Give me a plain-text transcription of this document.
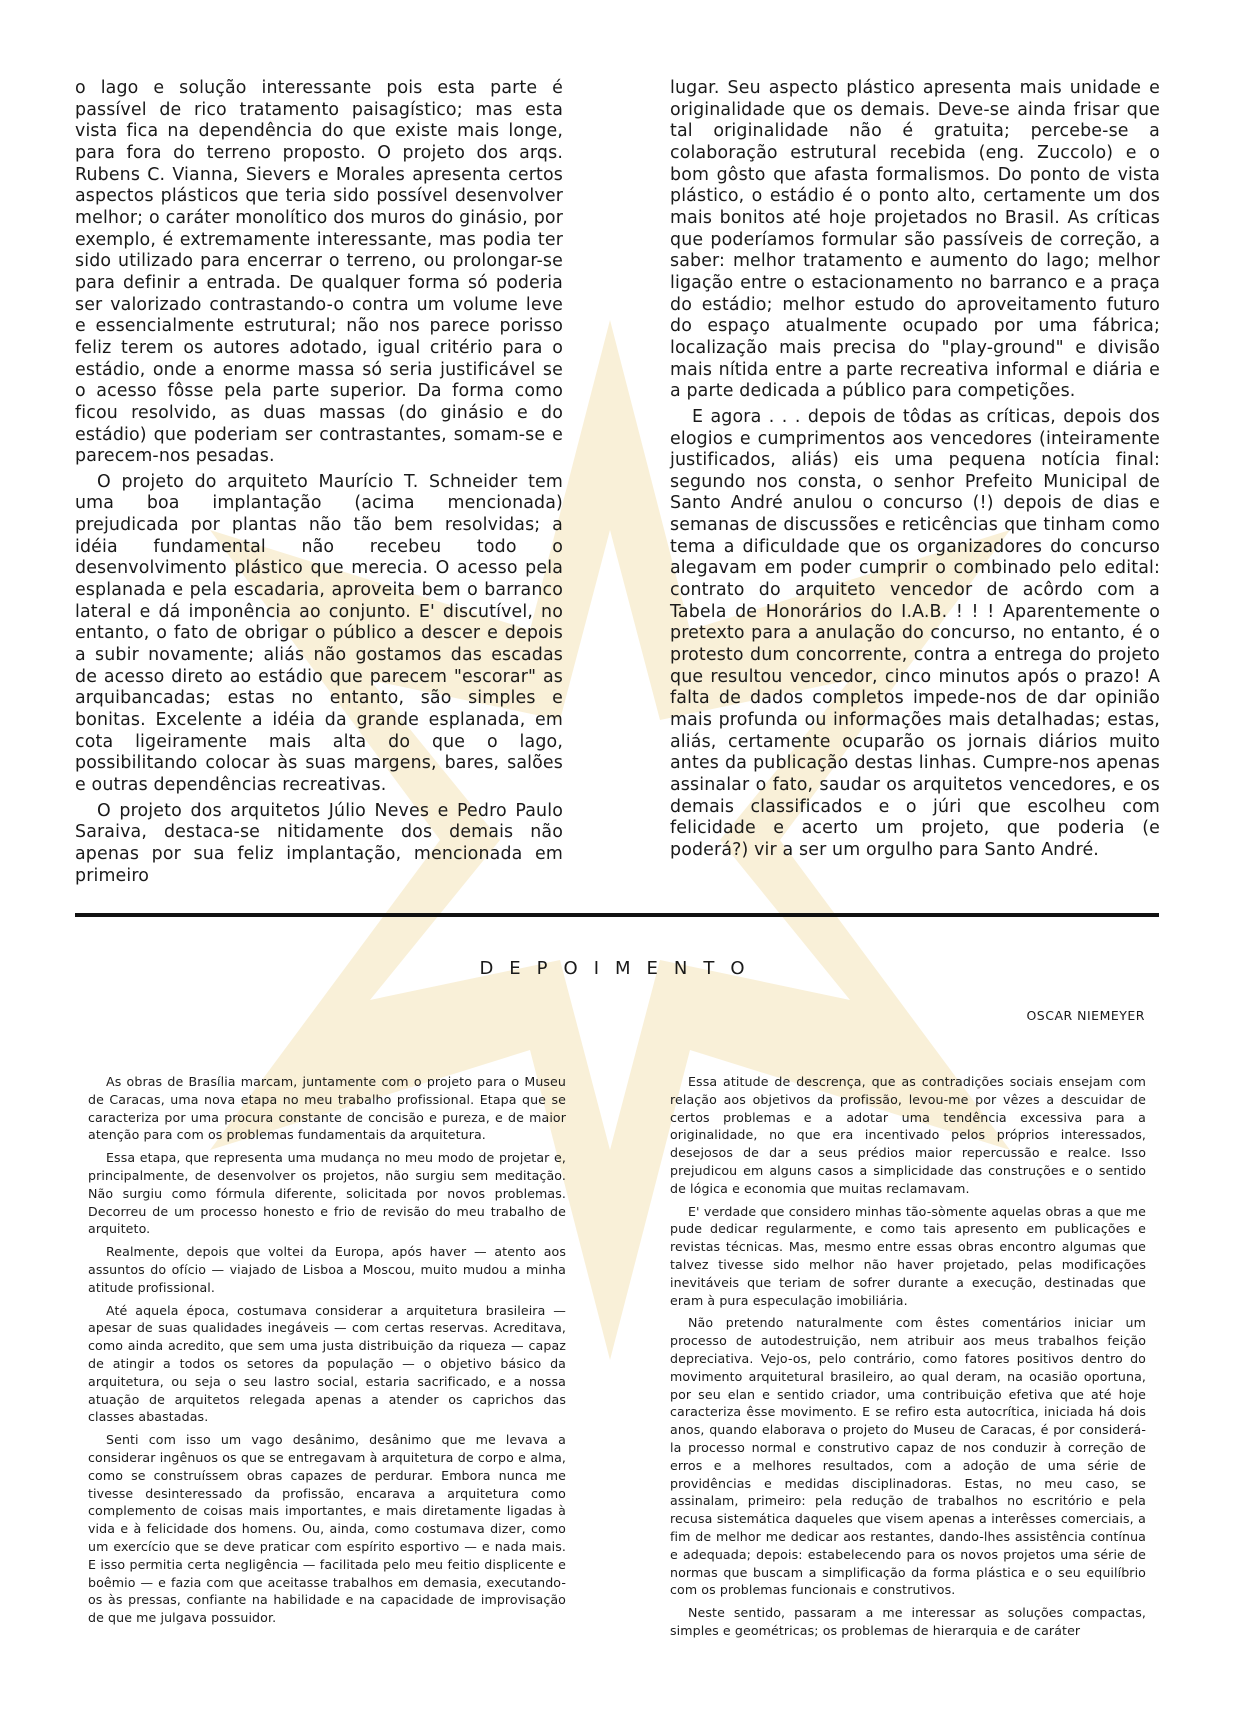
o lago e solução interessante pois esta parte é passível de rico tratamento paisagístico; mas esta vista fica na dependência do que existe mais longe, para fora do terreno proposto. O projeto dos arqs. Rubens C. Vianna, Sievers e Morales apresenta certos aspectos plásticos que teria sido possível desenvolver melhor; o caráter monolítico dos muros do ginásio, por exemplo, é extremamente interessante, mas podia ter sido utilizado para encerrar o terreno, ou prolongar-se para definir a entrada. De qualquer forma só poderia ser valorizado contrastando-o contra um volume leve e essencialmente estrutural; não nos parece porisso feliz terem os autores adotado, igual critério para o estádio, onde a enorme massa só seria justificável se o acesso fôsse pela parte superior. Da forma como ficou resolvido, as duas massas (do ginásio e do estádio) que poderiam ser contrastantes, somam-se e parecem-nos pesadas.

O projeto do arquiteto Maurício T. Schneider tem uma boa implantação (acima mencionada) prejudicada por plantas não tão bem resolvidas; a idéia fundamental não recebeu todo o desenvolvimento plástico que merecia. O acesso pela esplanada e pela escadaria, aproveita bem o barranco lateral e dá imponência ao conjunto. E' discutível, no entanto, o fato de obrigar o público a descer e depois a subir novamente; aliás não gostamos das escadas de acesso direto ao estádio que parecem "escorar" as arquibancadas; estas no entanto, são simples e bonitas. Excelente a idéia da grande esplanada, em cota ligeiramente mais alta do que o lago, possibilitando colocar às suas margens, bares, salões e outras dependências recreativas.

O projeto dos arquitetos Júlio Neves e Pedro Paulo Saraiva, destaca-se nitidamente dos demais não apenas por sua feliz implantação, mencionada em primeiro

lugar. Seu aspecto plástico apresenta mais unidade e originalidade que os demais. Deve-se ainda frisar que tal originalidade não é gratuita; percebe-se a colaboração estrutural recebida (eng. Zuccolo) e o bom gôsto que afasta formalismos. Do ponto de vista plástico, o estádio é o ponto alto, certamente um dos mais bonitos até hoje projetados no Brasil. As críticas que poderíamos formular são passíveis de correção, a saber: melhor tratamento e aumento do lago; melhor ligação entre o estacionamento no barranco e a praça do estádio; melhor estudo do aproveitamento futuro do espaço atualmente ocupado por uma fábrica; localização mais precisa do "play-ground" e divisão mais nítida entre a parte recreativa informal e diária e a parte dedicada a público para competições.

E agora . . . depois de tôdas as críticas, depois dos elogios e cumprimentos aos vencedores (inteiramente justificados, aliás) eis uma pequena notícia final: segundo nos consta, o senhor Prefeito Municipal de Santo André anulou o concurso (!) depois de dias e semanas de discussões e reticências que tinham como tema a dificuldade que os organizadores do concurso alegavam em poder cumprir o combinado pelo edital: contrato do arquiteto vencedor de acôrdo com a Tabela de Honorários do I.A.B. ! ! ! Aparentemente o pretexto para a anulação do concurso, no entanto, é o protesto dum concorrente, contra a entrega do projeto que resultou vencedor, cinco minutos após o prazo! A falta de dados completos impede-nos de dar opinião mais profunda ou informações mais detalhadas; estas, aliás, certamente ocuparão os jornais diários muito antes da publicação destas linhas. Cumpre-nos apenas assinalar o fato, saudar os arquitetos vencedores, e os demais classificados e o júri que escolheu com felicidade e acerto um projeto, que poderia (e poderá?) vir a ser um orgulho para Santo André.

DEPOIMENTO
OSCAR NIEMEYER

As obras de Brasília marcam, juntamente com o projeto para o Museu de Caracas, uma nova etapa no meu trabalho profissional. Etapa que se caracteriza por uma procura constante de concisão e pureza, e de maior atenção para com os problemas fundamentais da arquitetura.

Essa etapa, que representa uma mudança no meu modo de projetar e, principalmente, de desenvolver os projetos, não surgiu sem meditação. Não surgiu como fórmula diferente, solicitada por novos problemas. Decorreu de um processo honesto e frio de revisão do meu trabalho de arquiteto.

Realmente, depois que voltei da Europa, após haver — atento aos assuntos do ofício — viajado de Lisboa a Moscou, muito mudou a minha atitude profissional.

Até aquela época, costumava considerar a arquitetura brasileira — apesar de suas qualidades inegáveis — com certas reservas. Acreditava, como ainda acredito, que sem uma justa distribuição da riqueza — capaz de atingir a todos os setores da população — o objetivo básico da arquitetura, ou seja o seu lastro social, estaria sacrificado, e a nossa atuação de arquitetos relegada apenas a atender os caprichos das classes abastadas.

Senti com isso um vago desânimo, desânimo que me levava a considerar ingênuos os que se entregavam à arquitetura de corpo e alma, como se construíssem obras capazes de perdurar. Embora nunca me tivesse desinteressado da profissão, encarava a arquitetura como complemento de coisas mais importantes, e mais diretamente ligadas à vida e à felicidade dos homens. Ou, ainda, como costumava dizer, como um exercício que se deve praticar com espírito esportivo — e nada mais. E isso permitia certa negligência — facilitada pelo meu feitio displicente e boêmio — e fazia com que aceitasse trabalhos em demasia, executando-os às pressas, confiante na habilidade e na capacidade de improvisação de que me julgava possuidor.

Essa atitude de descrença, que as contradições sociais ensejam com relação aos objetivos da profissão, levou-me por vêzes a descuidar de certos problemas e a adotar uma tendência excessiva para a originalidade, no que era incentivado pelos próprios interessados, desejosos de dar a seus prédios maior repercussão e realce. Isso prejudicou em alguns casos a simplicidade das construções e o sentido de lógica e economia que muitas reclamavam.

E' verdade que considero minhas tão-sòmente aquelas obras a que me pude dedicar regularmente, e como tais apresento em publicações e revistas técnicas. Mas, mesmo entre essas obras encontro algumas que talvez tivesse sido melhor não haver projetado, pelas modificações inevitáveis que teriam de sofrer durante a execução, destinadas que eram à pura especulação imobiliária.

Não pretendo naturalmente com êstes comentários iniciar um processo de autodestruição, nem atribuir aos meus trabalhos feição depreciativa. Vejo-os, pelo contrário, como fatores positivos dentro do movimento arquitetural brasileiro, ao qual deram, na ocasião oportuna, por seu elan e sentido criador, uma contribuição efetiva que até hoje caracteriza êsse movimento. E se refiro esta autocrítica, iniciada há dois anos, quando elaborava o projeto do Museu de Caracas, é por considerá-la processo normal e construtivo capaz de nos conduzir à correção de erros e a melhores resultados, com a adoção de uma série de providências e medidas disciplinadoras. Estas, no meu caso, se assinalam, primeiro: pela redução de trabalhos no escritório e pela recusa sistemática daqueles que visem apenas a interêsses comerciais, a fim de melhor me dedicar aos restantes, dando-lhes assistência contínua e adequada; depois: estabelecendo para os novos projetos uma série de normas que buscam a simplificação da forma plástica e o seu equilíbrio com os problemas funcionais e construtivos.

Neste sentido, passaram a me interessar as soluções compactas, simples e geométricas; os problemas de hierarquia e de caráter
